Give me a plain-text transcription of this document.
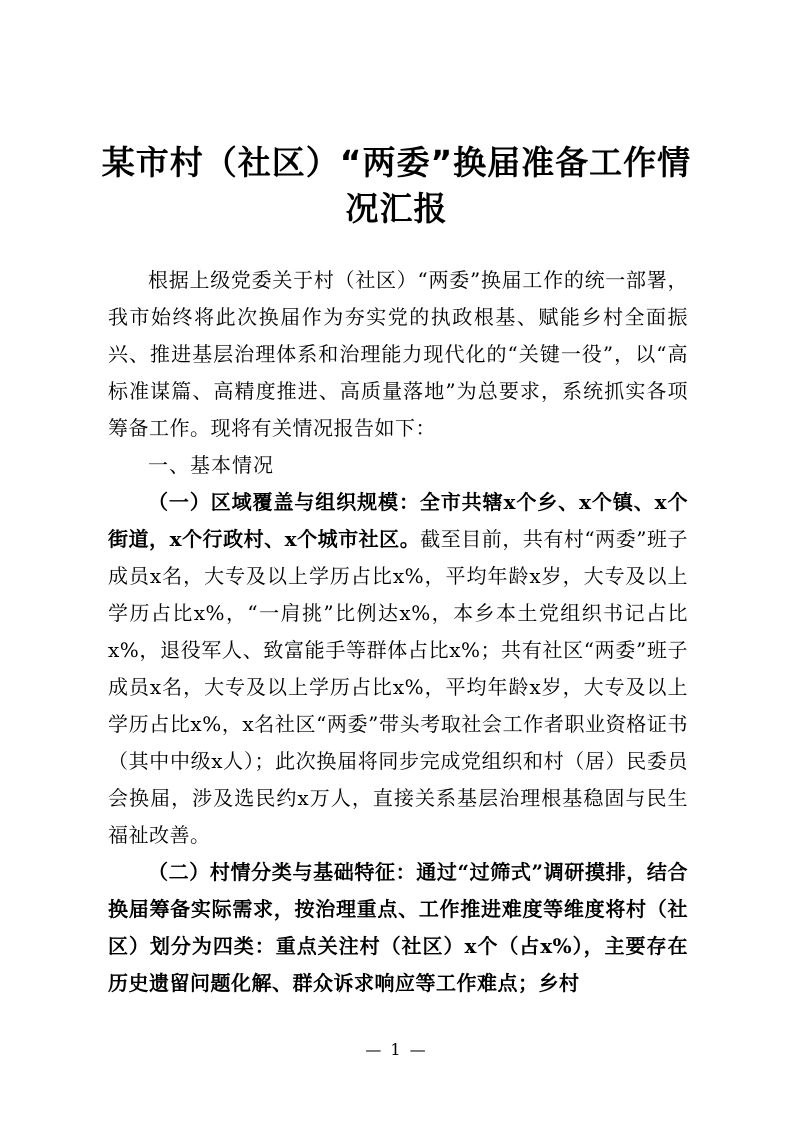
某市村（社区）“两委”换届准备工作情
况汇报

根据上级党委关于村（社区）“两委”换届工作的统一部署，我市始终将此次换届作为夯实党的执政根基、赋能乡村全面振兴、推进基层治理体系和治理能力现代化的“关键一役”，以“高标准谋篇、高精度推进、高质量落地”为总要求，系统抓实各项筹备工作。现将有关情况报告如下：

一、基本情况

（一）区域覆盖与组织规模：全市共辖x个乡、x个镇、x个街道，x个行政村、x个城市社区。截至目前，共有村“两委”班子成员x名，大专及以上学历占比x%，平均年龄x岁，大专及以上学历占比x%，“一肩挑”比例达x%，本乡本土党组织书记占比x%，退役军人、致富能手等群体占比x%；共有社区“两委”班子成员x名，大专及以上学历占比x%，平均年龄x岁，大专及以上学历占比x%，x名社区“两委”带头考取社会工作者职业资格证书（其中中级x人）；此次换届将同步完成党组织和村（居）民委员会换届，涉及选民约x万人，直接关系基层治理根基稳固与民生福祉改善。

（二）村情分类与基础特征：通过“过筛式”调研摸排，结合换届筹备实际需求，按治理重点、工作推进难度等维度将村（社区）划分为四类：重点关注村（社区）x个（占x%），主要存在历史遗留问题化解、群众诉求响应等工作难点；乡村

— 1 —
